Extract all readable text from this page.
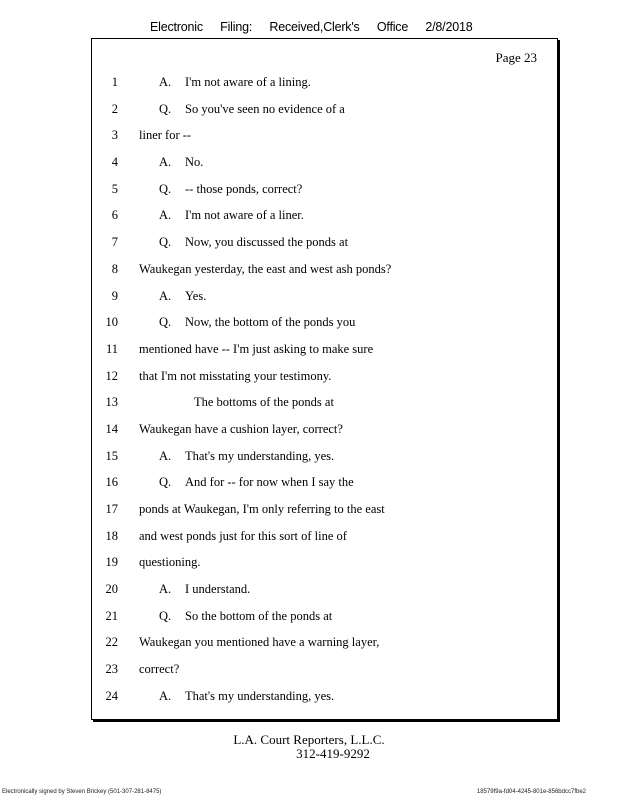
Electronic Filing: Received,Clerk's Office 2/8/2018
Page 23
1	A. I'm not aware of a lining.
2	Q. So you've seen no evidence of a
3 liner for --
4	A. No.
5	Q. -- those ponds, correct?
6	A. I'm not aware of a liner.
7	Q. Now, you discussed the ponds at
8 Waukegan yesterday, the east and west ash ponds?
9	A. Yes.
10	Q. Now, the bottom of the ponds you
11 mentioned have -- I'm just asking to make sure
12 that I'm not misstating your testimony.
13	The bottoms of the ponds at
14 Waukegan have a cushion layer, correct?
15	A. That's my understanding, yes.
16	Q. And for -- for now when I say the
17 ponds at Waukegan, I'm only referring to the east
18 and west ponds just for this sort of line of
19 questioning.
20	A. I understand.
21	Q. So the bottom of the ponds at
22 Waukegan you mentioned have a warning layer,
23 correct?
24	A. That's my understanding, yes.
L.A. Court Reporters, L.L.C.
312-419-9292
Electronically signed by Steven Brickey (501-307-281-8475)	18579f9a-fd04-4245-801e-856bdcc7fbe2
